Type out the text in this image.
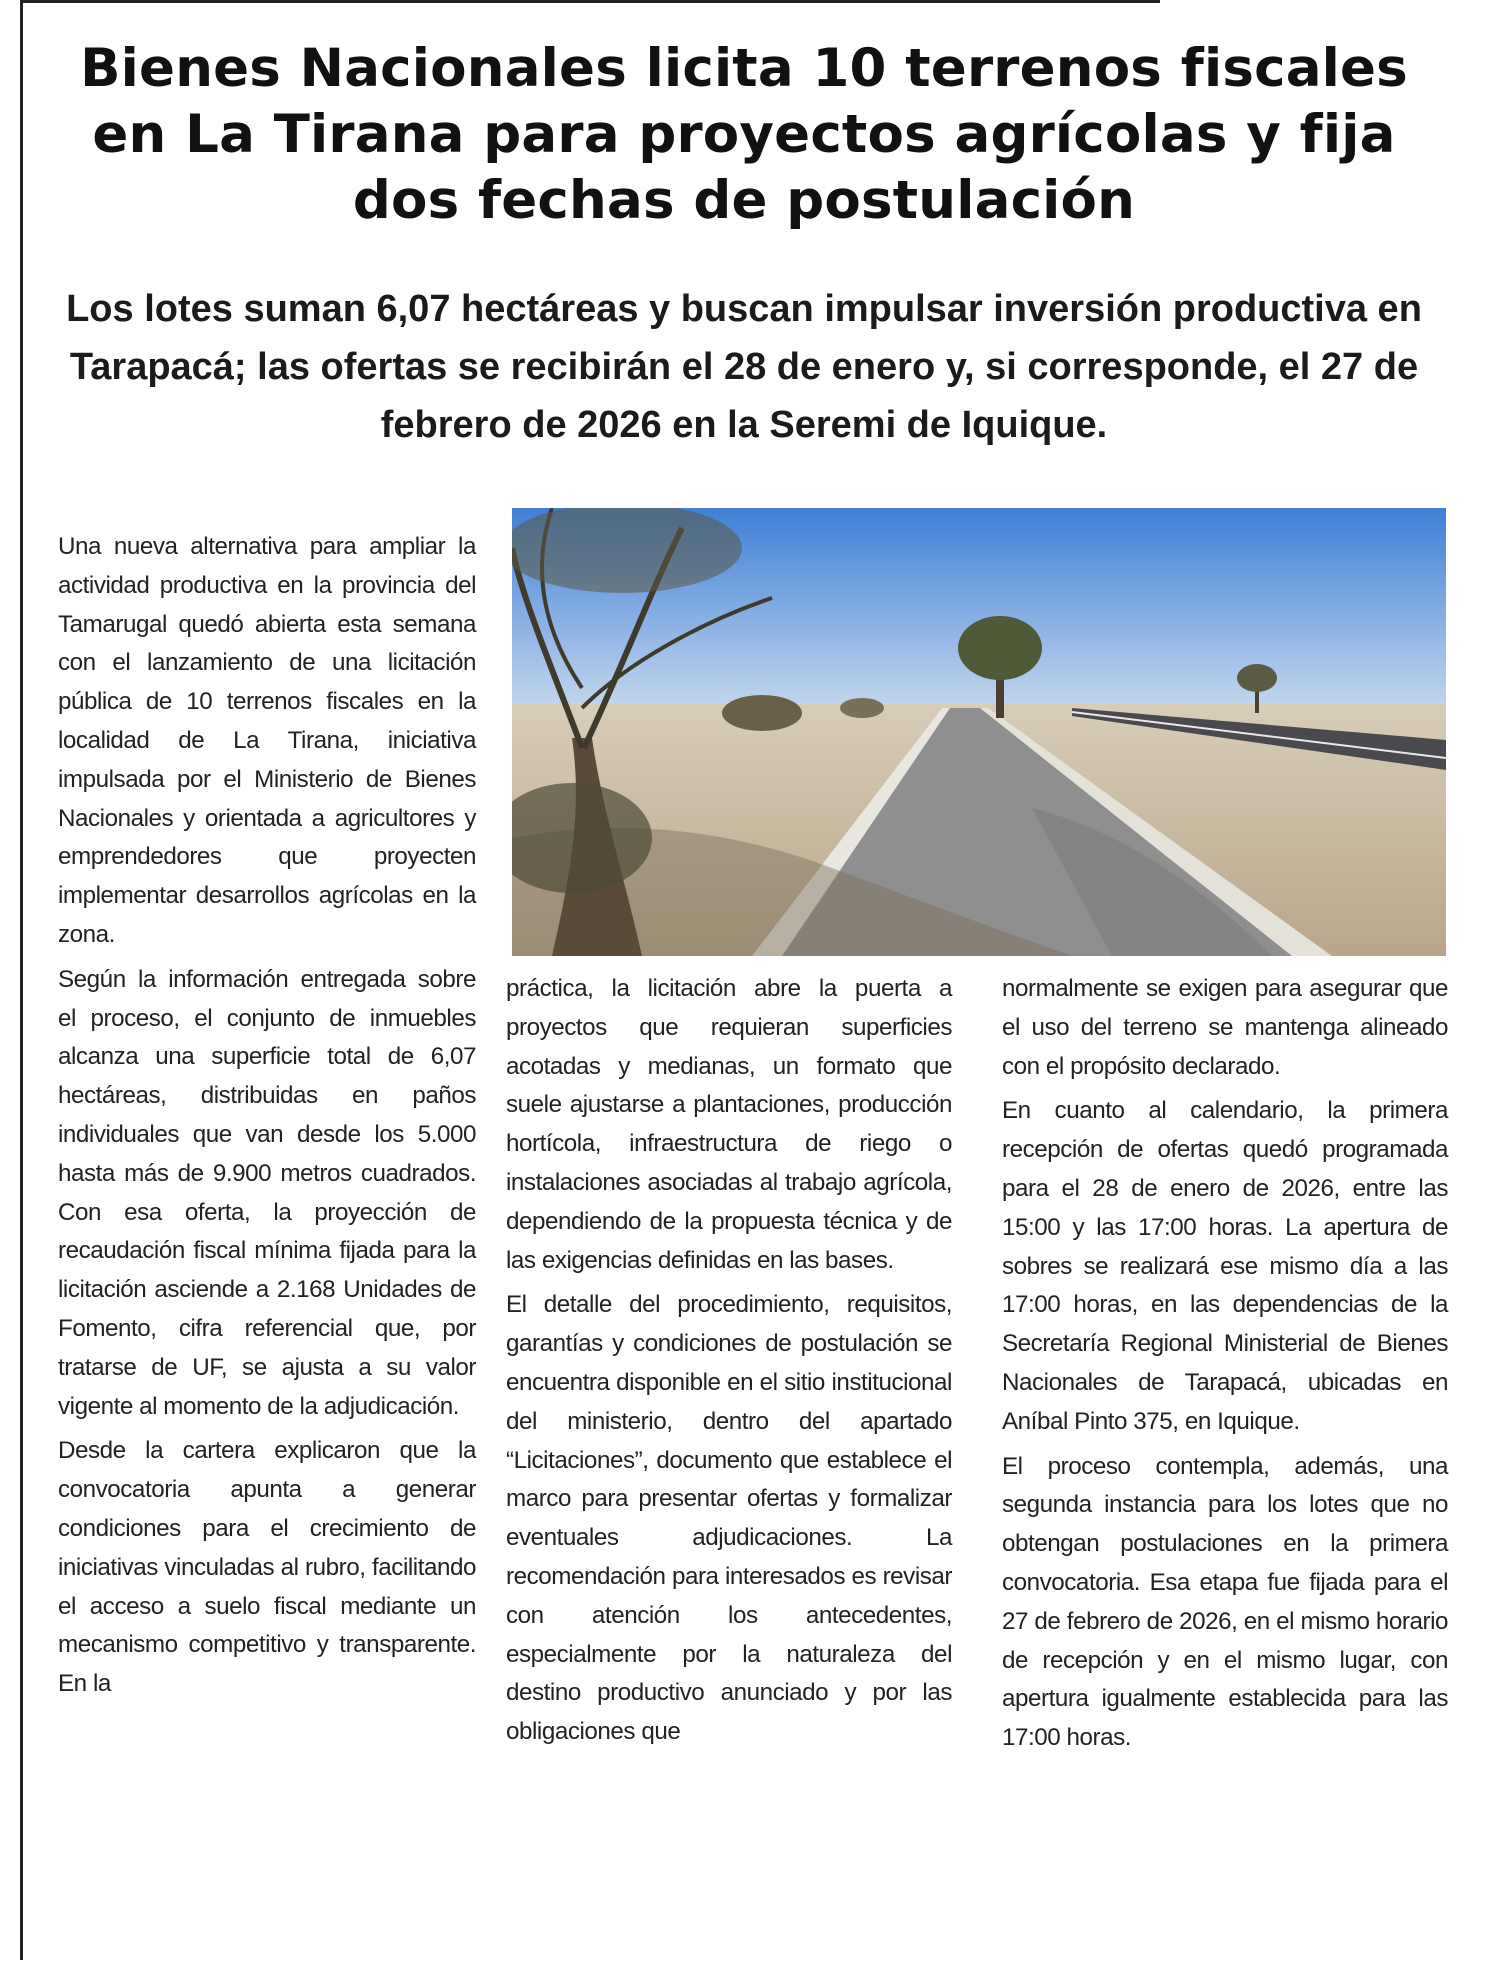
Bienes Nacionales licita 10 terrenos fiscales en La Tirana para proyectos agrícolas y fija dos fechas de postulación
Los lotes suman 6,07 hectáreas y buscan impulsar inversión productiva en Tarapacá; las ofertas se recibirán el 28 de enero y, si corresponde, el 27 de febrero de 2026 en la Seremi de Iquique.

Una nueva alternativa para ampliar la actividad productiva en la provincia del Tamarugal quedó abierta esta semana con el lanzamiento de una licitación pública de 10 terrenos fiscales en la localidad de La Tirana, iniciativa impulsada por el Ministerio de Bienes Nacionales y orientada a agricultores y emprendedores que proyecten implementar desarrollos agrícolas en la zona.

Según la información entregada sobre el proceso, el conjunto de inmuebles alcanza una superficie total de 6,07 hectáreas, distribuidas en paños individuales que van desde los 5.000 hasta más de 9.900 metros cuadrados. Con esa oferta, la proyección de recaudación fiscal mínima fijada para la licitación asciende a 2.168 Unidades de Fomento, cifra referencial que, por tratarse de UF, se ajusta a su valor vigente al momento de la adjudicación.

Desde la cartera explicaron que la convocatoria apunta a generar condiciones para el crecimiento de iniciativas vinculadas al rubro, facilitando el acceso a suelo fiscal mediante un mecanismo competitivo y transparente. En la

práctica, la licitación abre la puerta a proyectos que requieran superficies acotadas y medianas, un formato que suele ajustarse a plantaciones, producción hortícola, infraestructura de riego o instalaciones asociadas al trabajo agrícola, dependiendo de la propuesta técnica y de las exigencias definidas en las bases.

El detalle del procedimiento, requisitos, garantías y condiciones de postulación se encuentra disponible en el sitio institucional del ministerio, dentro del apartado “Licitaciones”, documento que establece el marco para presentar ofertas y formalizar eventuales adjudicaciones. La recomendación para interesados es revisar con atención los antecedentes, especialmente por la naturaleza del destino productivo anunciado y por las obligaciones que

normalmente se exigen para asegurar que el uso del terreno se mantenga alineado con el propósito declarado.

En cuanto al calendario, la primera recepción de ofertas quedó programada para el 28 de enero de 2026, entre las 15:00 y las 17:00 horas. La apertura de sobres se realizará ese mismo día a las 17:00 horas, en las dependencias de la Secretaría Regional Ministerial de Bienes Nacionales de Tarapacá, ubicadas en Aníbal Pinto 375, en Iquique.

El proceso contempla, además, una segunda instancia para los lotes que no obtengan postulaciones en la primera convocatoria. Esa etapa fue fijada para el 27 de febrero de 2026, en el mismo horario de recepción y en el mismo lugar, con apertura igualmente establecida para las 17:00 horas.
